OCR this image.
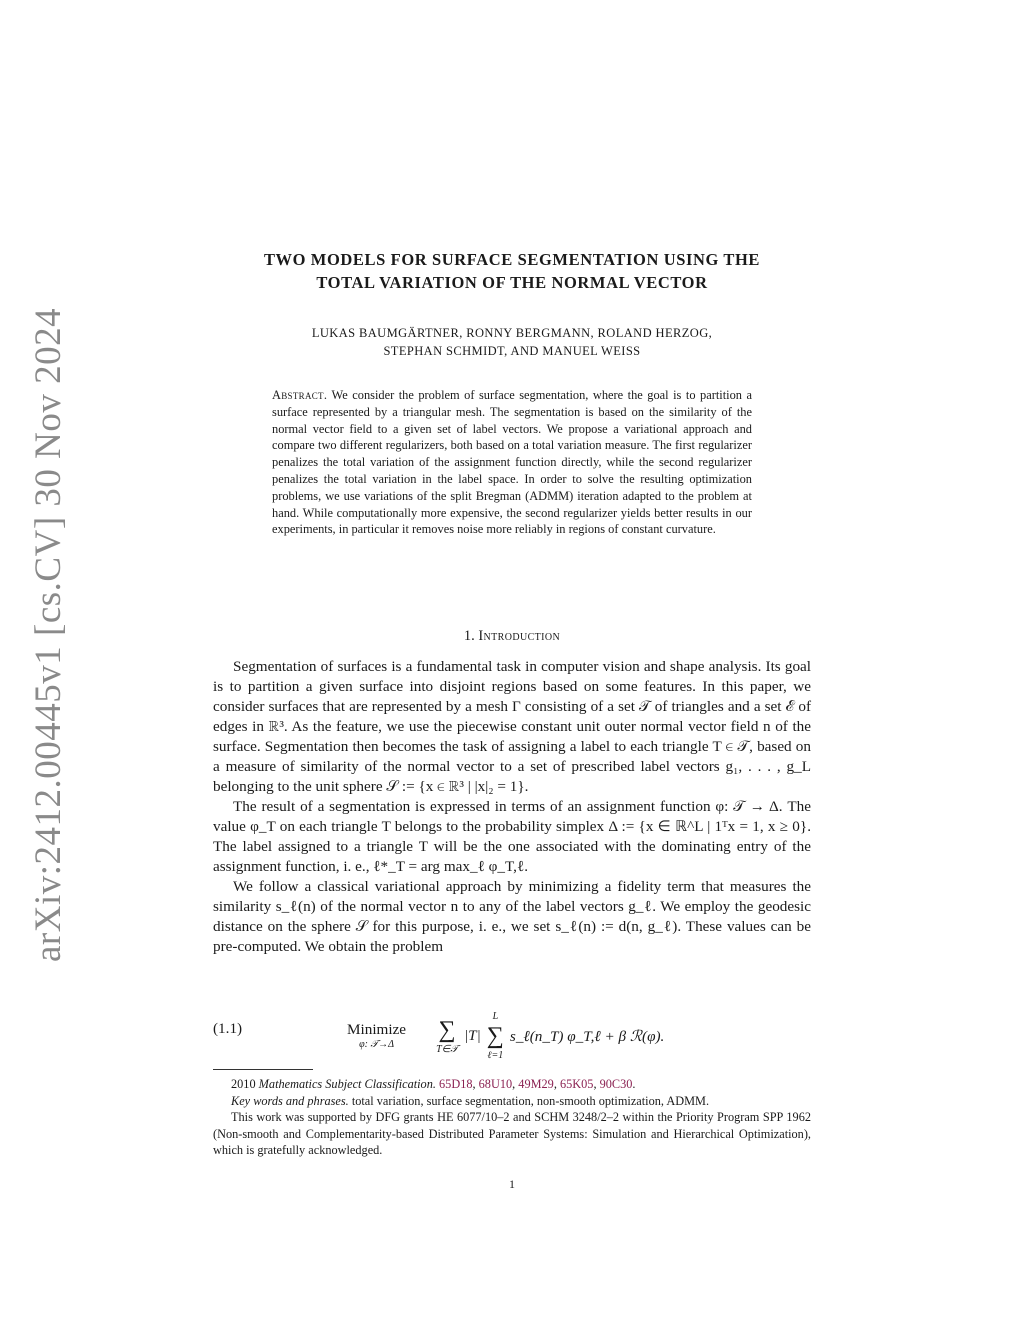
arXiv:2412.00445v1 [cs.CV] 30 Nov 2024
TWO MODELS FOR SURFACE SEGMENTATION USING THE
TOTAL VARIATION OF THE NORMAL VECTOR
LUKAS BAUMGÄRTNER, RONNY BERGMANN, ROLAND HERZOG,
STEPHAN SCHMIDT, AND MANUEL WEISS
Abstract. We consider the problem of surface segmentation, where the goal is to partition a surface represented by a triangular mesh. The segmentation is based on the similarity of the normal vector field to a given set of label vectors. We propose a variational approach and compare two different regularizers, both based on a total variation measure. The first regularizer penalizes the total variation of the assignment function directly, while the second regularizer penalizes the total variation in the label space. In order to solve the resulting optimization problems, we use variations of the split Bregman (ADMM) iteration adapted to the problem at hand. While computationally more expensive, the second regularizer yields better results in our experiments, in particular it removes noise more reliably in regions of constant curvature.
1. Introduction

Segmentation of surfaces is a fundamental task in computer vision and shape analysis. Its goal is to partition a given surface into disjoint regions based on some features. In this paper, we consider surfaces that are represented by a mesh Γ consisting of a set 𝒯 of triangles and a set ℰ of edges in ℝ³. As the feature, we use the piecewise constant unit outer normal vector field n of the surface. Segmentation then becomes the task of assigning a label to each triangle T ∈ 𝒯, based on a measure of similarity of the normal vector to a set of prescribed label vectors g₁, . . . , g_L belonging to the unit sphere 𝒮 := {x ∈ ℝ³ | |x|₂ = 1}.

The result of a segmentation is expressed in terms of an assignment function φ: 𝒯 → Δ. The value φ_T on each triangle T belongs to the probability simplex Δ := {x ∈ ℝ^L | 1ᵀx = 1, x ≥ 0}. The label assigned to a triangle T will be the one associated with the dominating entry of the assignment function, i. e., ℓ*_T = arg max_ℓ φ_T,ℓ.

We follow a classical variational approach by minimizing a fidelity term that measures the similarity s_ℓ(n) of the normal vector n to any of the label vectors g_ℓ. We employ the geodesic distance on the sphere 𝒮 for this purpose, i. e., we set s_ℓ(n) := d(n, g_ℓ). These values can be pre-computed. We obtain the problem

(1.1)	Minimize
φ: 𝒯→Δ
∑
T∈𝒯
|T|
L
∑
ℓ=1
s_ℓ(n_T) φ_T,ℓ + β ℛ(φ).

2010 Mathematics Subject Classification. 65D18, 68U10, 49M29, 65K05, 90C30.

Key words and phrases. total variation, surface segmentation, non-smooth optimization, ADMM.

This work was supported by DFG grants HE 6077/10–2 and SCHM 3248/2–2 within the Priority Program SPP 1962 (Non-smooth and Complementarity-based Distributed Parameter Systems: Simulation and Hierarchical Optimization), which is gratefully acknowledged.

1
